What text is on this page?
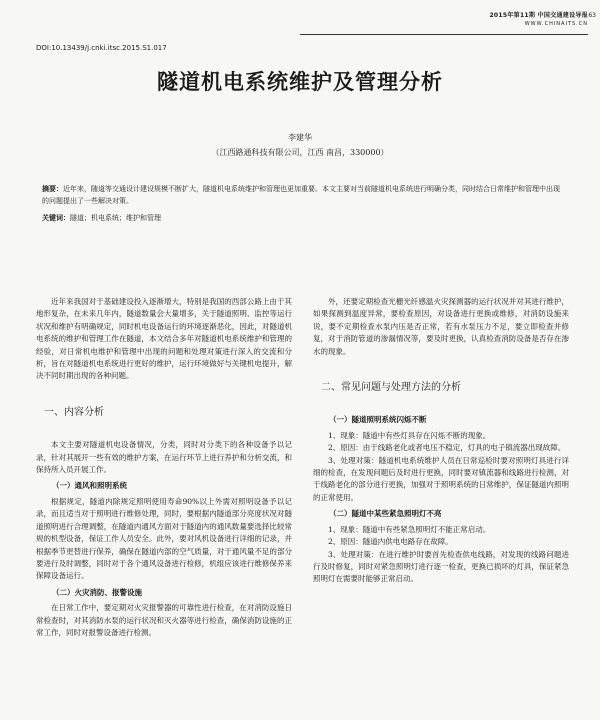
2015年第11期 中国交通建设导报
WWW.CHINAITS.CN
63
DOI:10.13439/j.cnki.itsc.2015.S1.017
隧道机电系统维护及管理分析
李建华
（江西路通科技有限公司，江西 南昌，330000）
摘要：近年来，随道等交通设计建设规模不断扩大，隧道机电系统维护和管理也更加重要。本文主要对当前隧道机电系统进行明确分类，同时结合日常维护和管理中出现的问题提出了一些解决对策。
关键词：隧道；机电系统；维护和管理

近年来我国对于基础建设投入逐渐增大，特别是我国的西部公路上由于其地形复杂，在未来几年内，隧道数量会大量增多，关于隧道照明、监控等运行状况和维护有明确规定，同时机电设备运行的环境逐渐恶化，因此，对隧道机电系统的维护和管理工作在隧道，本文结合多年对隧道机电系统维护和管理的经验，对日常机电维护和管理中出现的问题和处理对策进行深入的交流和分析，旨在对隧道机电系统进行更好的维护，运行环境做好与关键机电提升，解决不同时期出现的各种问题。

一、内容分析

本文主要对隧道机电设备情况，分类，同时对分类下的各种设备予以记录，针对其展开一些有效的维护方案，在运行环节上进行养护和分析交流，和保持所入员开展工作。

（一）通风和照明系统

根据规定，隧道内除规定照明使用寿命90%以上外需对照明设备予以记录，而且适当对于照明进行维修处理，同时，要根据内隧道部分亮度状况对隧道照明进行合理调整，在隧道内通风方面对于隧道内的通风数量要选择比较常规的机型设备，保证工作人员安全。此外，要对风机设备进行详细的记录，并根据季节更替进行保养，确保在隧道内部的空气质量，对于通风量不足的部分要进行及时调整，同时对于各个通风设备进行检修，机组应该进行维修保养来保障设备运行。

（二）火灾消防、报警设施

在日常工作中，要定期对火灾报警器的可靠性进行检查，在对消防设施日常检查时，对其消防水泵的运行状况和灭火器等进行检查，确保消防设施的正常工作，同时对报警设备进行检测。

外，还要定期检查光栅光纤感温火灾探测器的运行状况并对其进行维护，如果探测到温度异常，要检查原因，对设备进行更换或维修，对消防设施来说，要不定期检查水泵内压是否正常，若有水泵压力不足，要立即检查并修复，对于消防管道的渗漏情况等，要及时更换，认真检查消防设备是否存在渗水的现象。

二、常见问题与处理方法的分析
（一）隧道照明系统闪烁不断

1、现象：隧道中有些灯具存在闪烁不断的现象。

2、原因：由于线路老化或者电压不稳定，灯具的电子镇流器出现故障。

3、处理对策：隧道机电系统维护人员在日常巡检时要对照明灯具进行详细的检查，在发现问题后及时进行更换，同时要对镇流器和线路进行检测，对于线路老化的部分进行更换，加强对于照明系统的日常维护，保证隧道内照明的正常使用。

（二）隧道中某些紧急照明灯不亮

1、现象：隧道中有些紧急照明灯不能正常启动。

2、原因：隧道内供电电路存在故障。

3、处理对策：在进行维护时要首先检查供电线路，对发现的线路问题进行及时修复，同时对紧急照明灯进行逐一检查，更换已损坏的灯具，保证紧急照明灯在需要时能够正常启动。
